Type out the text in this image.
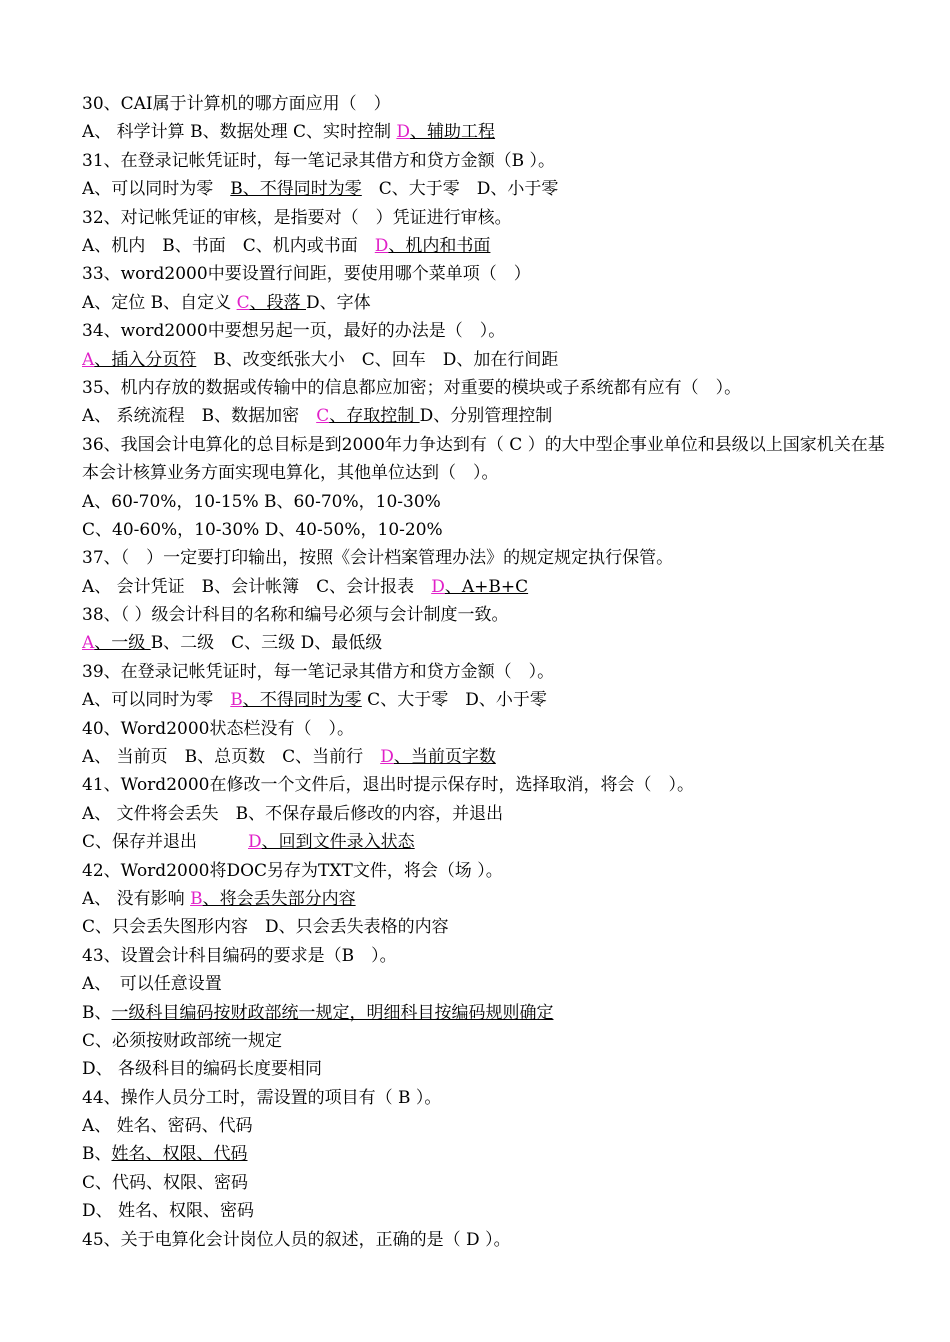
30、CAI属于计算机的哪方面应用（　）
A、 科学计算 B、数据处理 C、实时控制 D、辅助工程
31、在登录记帐凭证时，每一笔记录其借方和贷方金额（B ）。
A、可以同时为零　B、不得同时为零　C、大于零　D、小于零
32、对记帐凭证的审核，是指要对（　）凭证进行审核。
A、机内　B、书面　C、机内或书面　D、机内和书面
33、word2000中要设置行间距，要使用哪个菜单项（　）
A、定位 B、自定义 C、段落 D、字体
34、word2000中要想另起一页，最好的办法是（　）。
A、插入分页符　B、改变纸张大小　C、回车　D、加在行间距
35、机内存放的数据或传输中的信息都应加密；对重要的模块或子系统都有应有（　）。
A、 系统流程　B、数据加密　C、存取控制 D、分别管理控制
36、我国会计电算化的总目标是到2000年力争达到有（ C ）的大中型企事业单位和县级以上国家机关在基本会计核算业务方面实现电算化，其他单位达到（　）。
A、60-70%，10-15% B、60-70%，10-30%
C、40-60%，10-30% D、40-50%，10-20%
37、（　）一定要打印输出，按照《会计档案管理办法》的规定规定执行保管。
A、 会计凭证　B、会计帐簿　C、会计报表　D、A+B+C
38、（ ）级会计科目的名称和编号必须与会计制度一致。
A、一级 B、二级　C、三级 D、最低级
39、在登录记帐凭证时，每一笔记录其借方和贷方金额（　）。
A、可以同时为零　B、不得同时为零 C、大于零　D、小于零
40、Word2000状态栏没有（　）。
A、 当前页　B、总页数　C、当前行　D、当前页字数
41、Word2000在修改一个文件后，退出时提示保存时，选择取消，将会（　）。
A、 文件将会丢失　B、不保存最后修改的内容，并退出
C、保存并退出　　　D、回到文件录入状态
42、Word2000将DOC另存为TXT文件，将会（场 ）。
A、 没有影响 B、将会丢失部分内容
C、只会丢失图形内容　D、只会丢失表格的内容
43、设置会计科目编码的要求是（B　）。
A、　可以任意设置
B、一级科目编码按财政部统一规定，明细科目按编码规则确定
C、必须按财政部统一规定
D、 各级科目的编码长度要相同
44、操作人员分工时，需设置的项目有（ B ）。
A、 姓名、密码、代码
B、姓名、权限、代码
C、代码、权限、密码
D、 姓名、权限、密码
45、关于电算化会计岗位人员的叙述，正确的是（ D ）。
